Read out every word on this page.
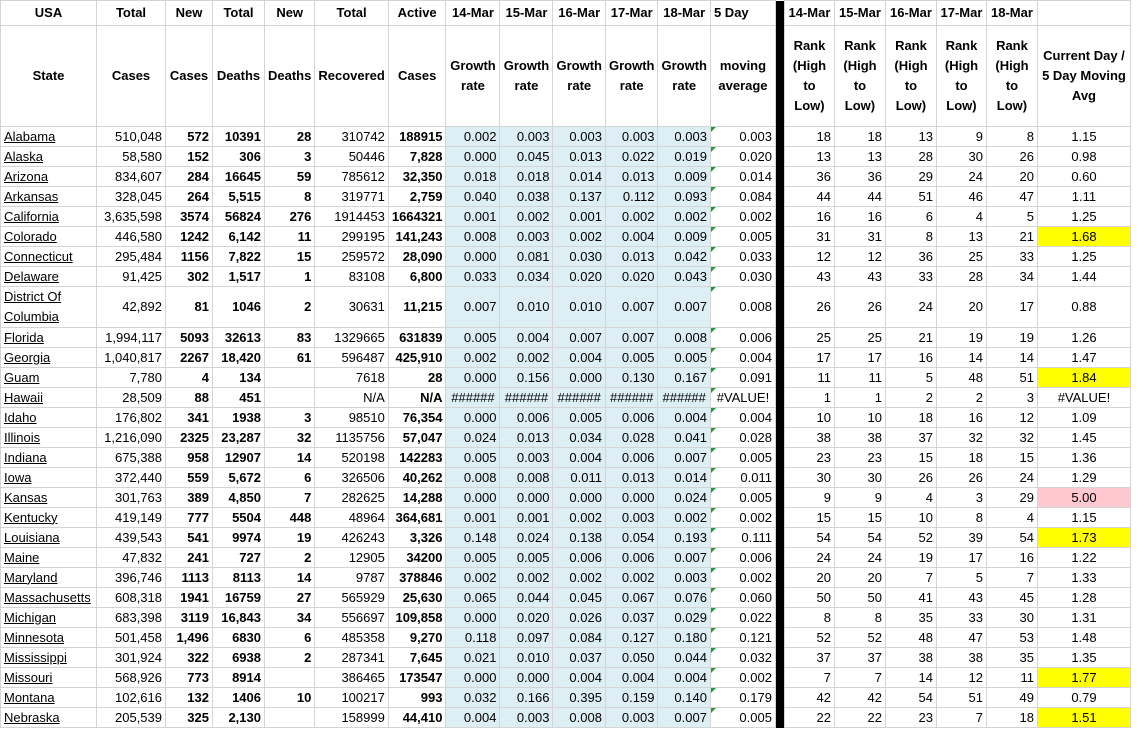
USA	Total	New	Total	New	Total	Active	14-Mar	15-Mar	16-Mar	17-Mar	18-Mar	5 Day		14-Mar	15-Mar	16-Mar	17-Mar	18-Mar	
State	Cases	Cases	Deaths	Deaths	Recovered	Cases	Growth rate	Growth rate	Growth rate	Growth rate	Growth rate	moving average		Rank (High to Low)	Rank (High to Low)	Rank (High to Low)	Rank (High to Low)	Rank (High to Low)	Current Day / 5 Day Moving Avg
Alabama	510,048	572	10391	28	310742	188915	0.002	0.003	0.003	0.003	0.003	0.003		18	18	13	9	8	1.15
Alaska	58,580	152	306	3	50446	7,828	0.000	0.045	0.013	0.022	0.019	0.020		13	13	28	30	26	0.98
Arizona	834,607	284	16645	59	785612	32,350	0.018	0.018	0.014	0.013	0.009	0.014		36	36	29	24	20	0.60
Arkansas	328,045	264	5,515	8	319771	2,759	0.040	0.038	0.137	0.112	0.093	0.084		44	44	51	46	47	1.11
California	3,635,598	3574	56824	276	1914453	1664321	0.001	0.002	0.001	0.002	0.002	0.002		16	16	6	4	5	1.25
Colorado	446,580	1242	6,142	11	299195	141,243	0.008	0.003	0.002	0.004	0.009	0.005		31	31	8	13	21	1.68
Connecticut	295,484	1156	7,822	15	259572	28,090	0.000	0.081	0.030	0.013	0.042	0.033		12	12	36	25	33	1.25
Delaware	91,425	302	1,517	1	83108	6,800	0.033	0.034	0.020	0.020	0.043	0.030		43	43	33	28	34	1.44
District Of Columbia	42,892	81	1046	2	30631	11,215	0.007	0.010	0.010	0.007	0.007	0.008		26	26	24	20	17	0.88
Florida	1,994,117	5093	32613	83	1329665	631839	0.005	0.004	0.007	0.007	0.008	0.006		25	25	21	19	19	1.26
Georgia	1,040,817	2267	18,420	61	596487	425,910	0.002	0.002	0.004	0.005	0.005	0.004		17	17	16	14	14	1.47
Guam	7,780	4	134		7618	28	0.000	0.156	0.000	0.130	0.167	0.091		11	11	5	48	51	1.84
Hawaii	28,509	88	451		N/A	N/A	######	######	######	######	######	#VALUE!		1	1	2	2	3	#VALUE!
Idaho	176,802	341	1938	3	98510	76,354	0.000	0.006	0.005	0.006	0.004	0.004		10	10	18	16	12	1.09
Illinois	1,216,090	2325	23,287	32	1135756	57,047	0.024	0.013	0.034	0.028	0.041	0.028		38	38	37	32	32	1.45
Indiana	675,388	958	12907	14	520198	142283	0.005	0.003	0.004	0.006	0.007	0.005		23	23	15	18	15	1.36
Iowa	372,440	559	5,672	6	326506	40,262	0.008	0.008	0.011	0.013	0.014	0.011		30	30	26	26	24	1.29
Kansas	301,763	389	4,850	7	282625	14,288	0.000	0.000	0.000	0.000	0.024	0.005		9	9	4	3	29	5.00
Kentucky	419,149	777	5504	448	48964	364,681	0.001	0.001	0.002	0.003	0.002	0.002		15	15	10	8	4	1.15
Louisiana	439,543	541	9974	19	426243	3,326	0.148	0.024	0.138	0.054	0.193	0.111		54	54	52	39	54	1.73
Maine	47,832	241	727	2	12905	34200	0.005	0.005	0.006	0.006	0.007	0.006		24	24	19	17	16	1.22
Maryland	396,746	1113	8113	14	9787	378846	0.002	0.002	0.002	0.002	0.003	0.002		20	20	7	5	7	1.33
Massachusetts	608,318	1941	16759	27	565929	25,630	0.065	0.044	0.045	0.067	0.076	0.060		50	50	41	43	45	1.28
Michigan	683,398	3119	16,843	34	556697	109,858	0.000	0.020	0.026	0.037	0.029	0.022		8	8	35	33	30	1.31
Minnesota	501,458	1,496	6830	6	485358	9,270	0.118	0.097	0.084	0.127	0.180	0.121		52	52	48	47	53	1.48
Mississippi	301,924	322	6938	2	287341	7,645	0.021	0.010	0.037	0.050	0.044	0.032		37	37	38	38	35	1.35
Missouri	568,926	773	8914		386465	173547	0.000	0.000	0.004	0.004	0.004	0.002		7	7	14	12	11	1.77
Montana	102,616	132	1406	10	100217	993	0.032	0.166	0.395	0.159	0.140	0.179		42	42	54	51	49	0.79
Nebraska	205,539	325	2,130		158999	44,410	0.004	0.003	0.008	0.003	0.007	0.005		22	22	23	7	18	1.51
